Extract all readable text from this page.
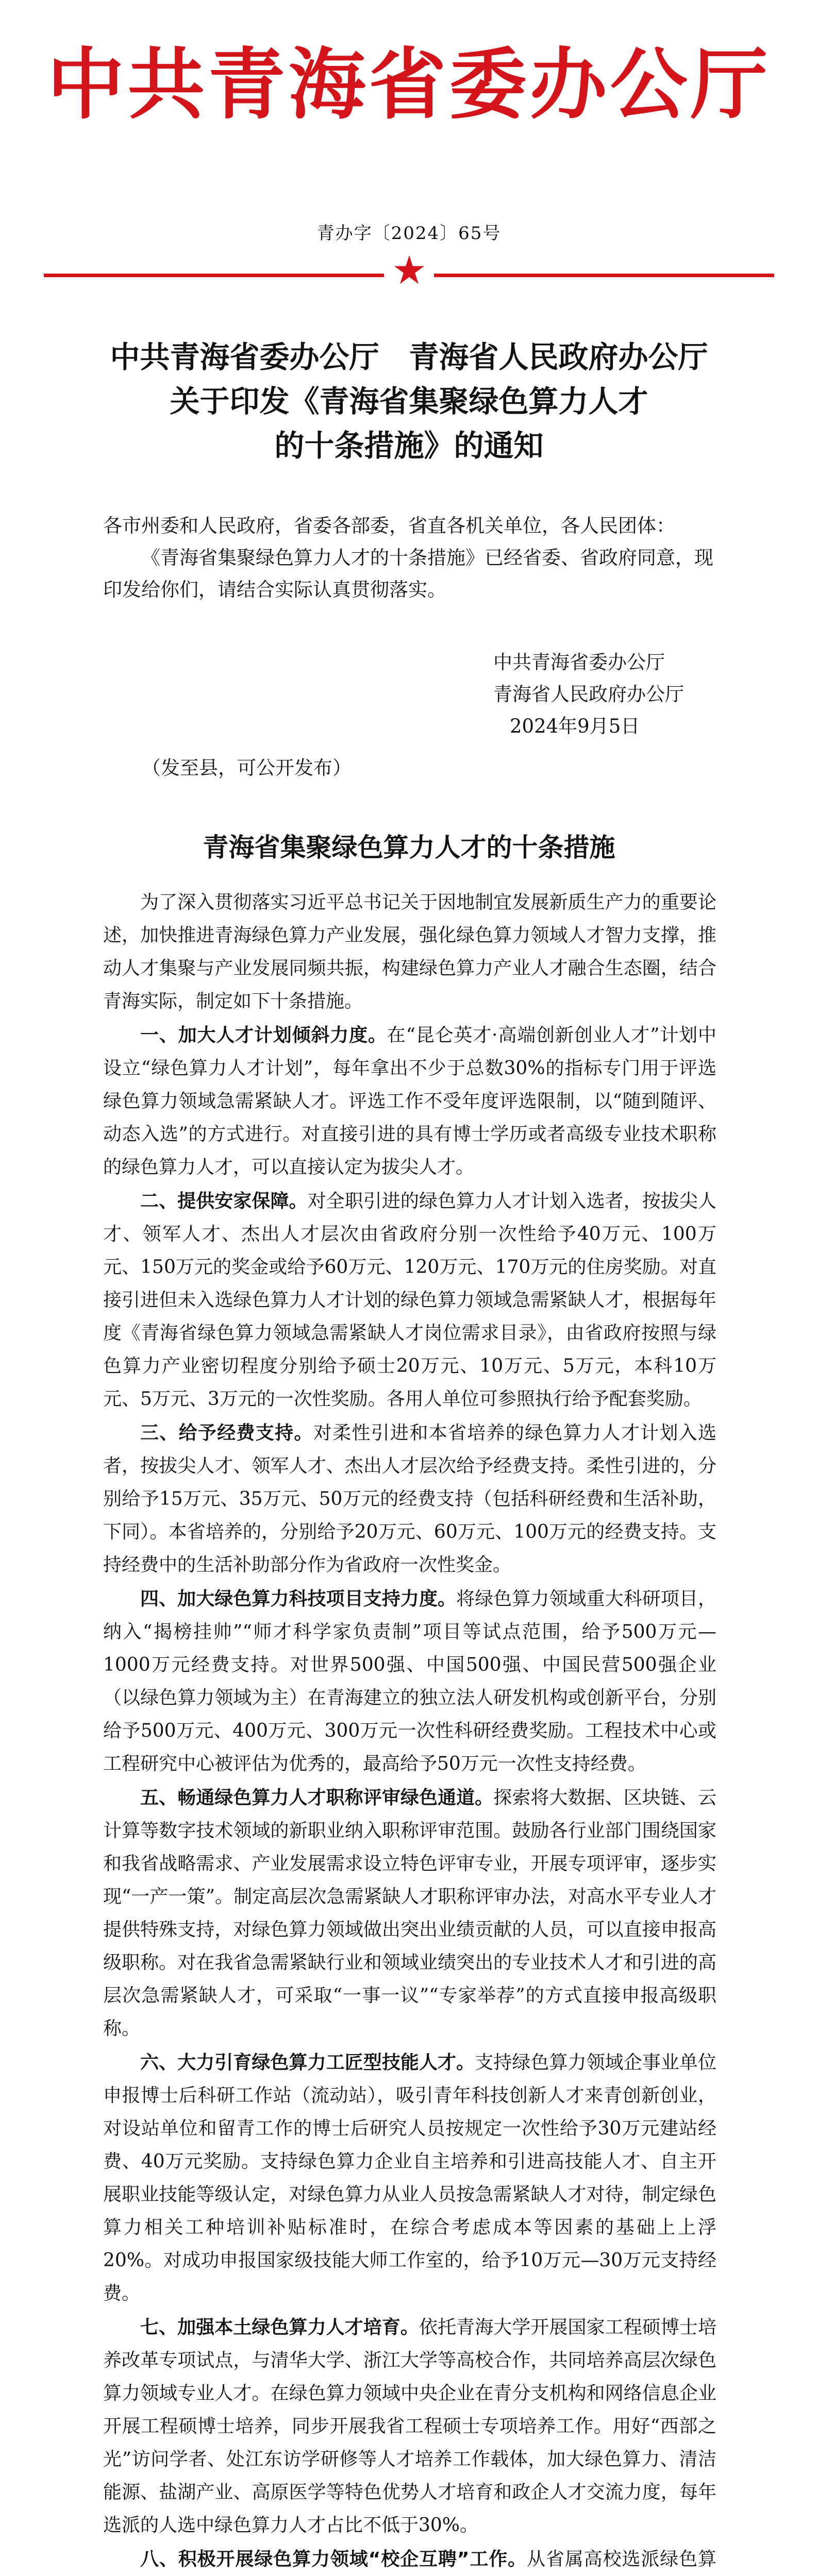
中共青海省委办公厅
青办字〔2024〕65号
中共青海省委办公厅　青海省人民政府办公厅
关于印发《青海省集聚绿色算力人才
的十条措施》的通知

各市州委和人民政府，省委各部委，省直各机关单位，各人民团体：

《青海省集聚绿色算力人才的十条措施》已经省委、省政府同意，现印发给你们，请结合实际认真贯彻落实。

中共青海省委办公厅
青海省人民政府办公厅
2024年9月5日
（发至县，可公开发布）
青海省集聚绿色算力人才的十条措施

为了深入贯彻落实习近平总书记关于因地制宜发展新质生产力的重要论述，加快推进青海绿色算力产业发展，强化绿色算力领域人才智力支撑，推动人才集聚与产业发展同频共振，构建绿色算力产业人才融合生态圈，结合青海实际，制定如下十条措施。

一、加大人才计划倾斜力度。在“昆仑英才·高端创新创业人才”计划中设立“绿色算力人才计划”，每年拿出不少于总数30%的指标专门用于评选绿色算力领域急需紧缺人才。评选工作不受年度评选限制，以“随到随评、动态入选”的方式进行。对直接引进的具有博士学历或者高级专业技术职称的绿色算力人才，可以直接认定为拔尖人才。

二、提供安家保障。对全职引进的绿色算力人才计划入选者，按拔尖人才、领军人才、杰出人才层次由省政府分别一次性给予40万元、100万元、150万元的奖金或给予60万元、120万元、170万元的住房奖励。对直接引进但未入选绿色算力人才计划的绿色算力领域急需紧缺人才，根据每年度《青海省绿色算力领域急需紧缺人才岗位需求目录》，由省政府按照与绿色算力产业密切程度分别给予硕士20万元、10万元、5万元，本科10万元、5万元、3万元的一次性奖励。各用人单位可参照执行给予配套奖励。

三、给予经费支持。对柔性引进和本省培养的绿色算力人才计划入选者，按拔尖人才、领军人才、杰出人才层次给予经费支持。柔性引进的，分别给予15万元、35万元、50万元的经费支持（包括科研经费和生活补助，下同）。本省培养的，分别给予20万元、60万元、100万元的经费支持。支持经费中的生活补助部分作为省政府一次性奖金。

四、加大绿色算力科技项目支持力度。将绿色算力领域重大科研项目，纳入“揭榜挂帅”“师才科学家负责制”项目等试点范围，给予500万元—1000万元经费支持。对世界500强、中国500强、中国民营500强企业（以绿色算力领域为主）在青海建立的独立法人研发机构或创新平台，分别给予500万元、400万元、300万元一次性科研经费奖励。工程技术中心或工程研究中心被评估为优秀的，最高给予50万元一次性支持经费。

五、畅通绿色算力人才职称评审绿色通道。探索将大数据、区块链、云计算等数字技术领域的新职业纳入职称评审范围。鼓励各行业部门围绕国家和我省战略需求、产业发展需求设立特色评审专业，开展专项评审，逐步实现“一产一策”。制定高层次急需紧缺人才职称评审办法，对高水平专业人才提供特殊支持，对绿色算力领域做出突出业绩贡献的人员，可以直接申报高级职称。对在我省急需紧缺行业和领域业绩突出的专业技术人才和引进的高层次急需紧缺人才，可采取“一事一议”“专家举荐”的方式直接申报高级职称。

六、大力引育绿色算力工匠型技能人才。支持绿色算力领域企事业单位申报博士后科研工作站（流动站），吸引青年科技创新人才来青创新创业，对设站单位和留青工作的博士后研究人员按规定一次性给予30万元建站经费、40万元奖励。支持绿色算力企业自主培养和引进高技能人才、自主开展职业技能等级认定，对绿色算力从业人员按急需紧缺人才对待，制定绿色算力相关工种培训补贴标准时，在综合考虑成本等因素的基础上上浮20%。对成功申报国家级技能大师工作室的，给予10万元—30万元支持经费。

七、加强本土绿色算力人才培育。依托青海大学开展国家工程硕博士培养改革专项试点，与清华大学、浙江大学等高校合作，共同培养高层次绿色算力领域专业人才。在绿色算力领域中央企业在青分支机构和网络信息企业开展工程硕博士培养，同步开展我省工程硕士专项培养工作。用好“西部之光”访问学者、处江东访学研修等人才培养工作载体，加大绿色算力、清洁能源、盐湖产业、高原医学等特色优势人才培育和政企人才交流力度，每年选派的人选中绿色算力人才占比不低于30%。

八、积极开展绿色算力领域“校企互聘”工作。从省属高校选派绿色算
